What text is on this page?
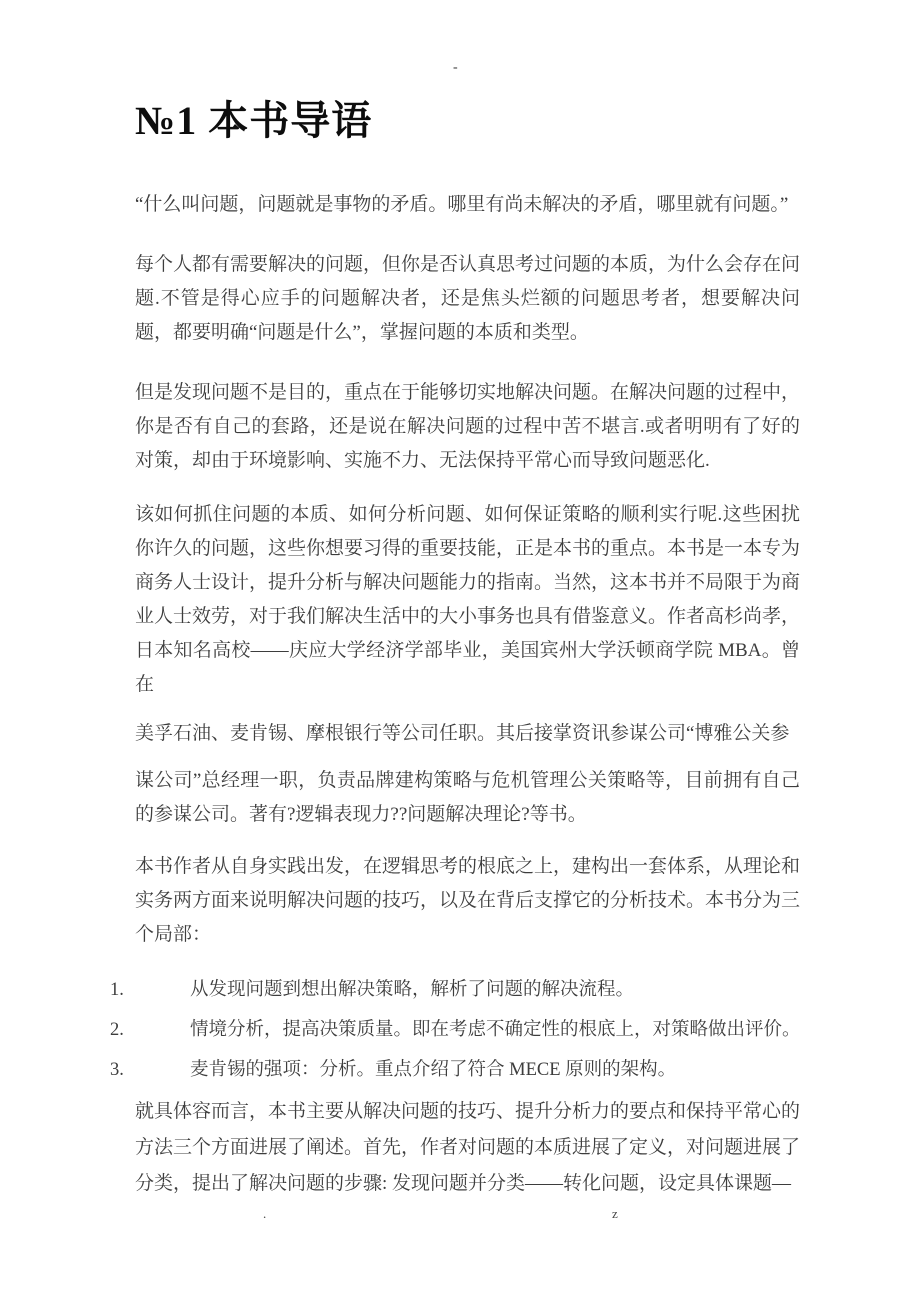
-
№1 本书导语

“什么叫问题，问题就是事物的矛盾。哪里有尚未解决的矛盾，哪里就有问题。”

每个人都有需要解决的问题，但你是否认真思考过问题的本质，为什么会存在问题.不管是得心应手的问题解决者，还是焦头烂额的问题思考者，想要解决问题，都要明确“问题是什么”，掌握问题的本质和类型。

但是发现问题不是目的，重点在于能够切实地解决问题。在解决问题的过程中，你是否有自己的套路，还是说在解决问题的过程中苦不堪言.或者明明有了好的对策，却由于环境影响、实施不力、无法保持平常心而导致问题恶化.

该如何抓住问题的本质、如何分析问题、如何保证策略的顺利实行呢.这些困扰你许久的问题，这些你想要习得的重要技能，正是本书的重点。本书是一本专为商务人士设计，提升分析与解决问题能力的指南。当然，这本书并不局限于为商业人士效劳，对于我们解决生活中的大小事务也具有借鉴意义。作者高杉尚孝，日本知名高校——庆应大学经济学部毕业，美国宾州大学沃顿商学院 MBA。曾在

美孚石油、麦肯锡、摩根银行等公司任职。其后接掌资讯参谋公司“博雅公关参

谋公司”总经理一职，负责品牌建构策略与危机管理公关策略等，目前拥有自己的参谋公司。著有?逻辑表现力??问题解决理论?等书。

本书作者从自身实践出发，在逻辑思考的根底之上，建构出一套体系，从理论和实务两方面来说明解决问题的技巧，以及在背后支撑它的分析技术。本书分为三个局部：

1.	从发现问题到想出解决策略，解析了问题的解决流程。
2.	情境分析，提高决策质量。即在考虑不确定性的根底上，对策略做出评价。
3.	麦肯锡的强项：分析。重点介绍了符合 MECE 原则的架构。

就具体容而言，本书主要从解决问题的技巧、提升分析力的要点和保持平常心的方法三个方面进展了阐述。首先，作者对问题的本质进展了定义，对问题进展了分类，提出了解决问题的步骤: 发现问题并分类——转化问题，设定具体课题—

.	z
